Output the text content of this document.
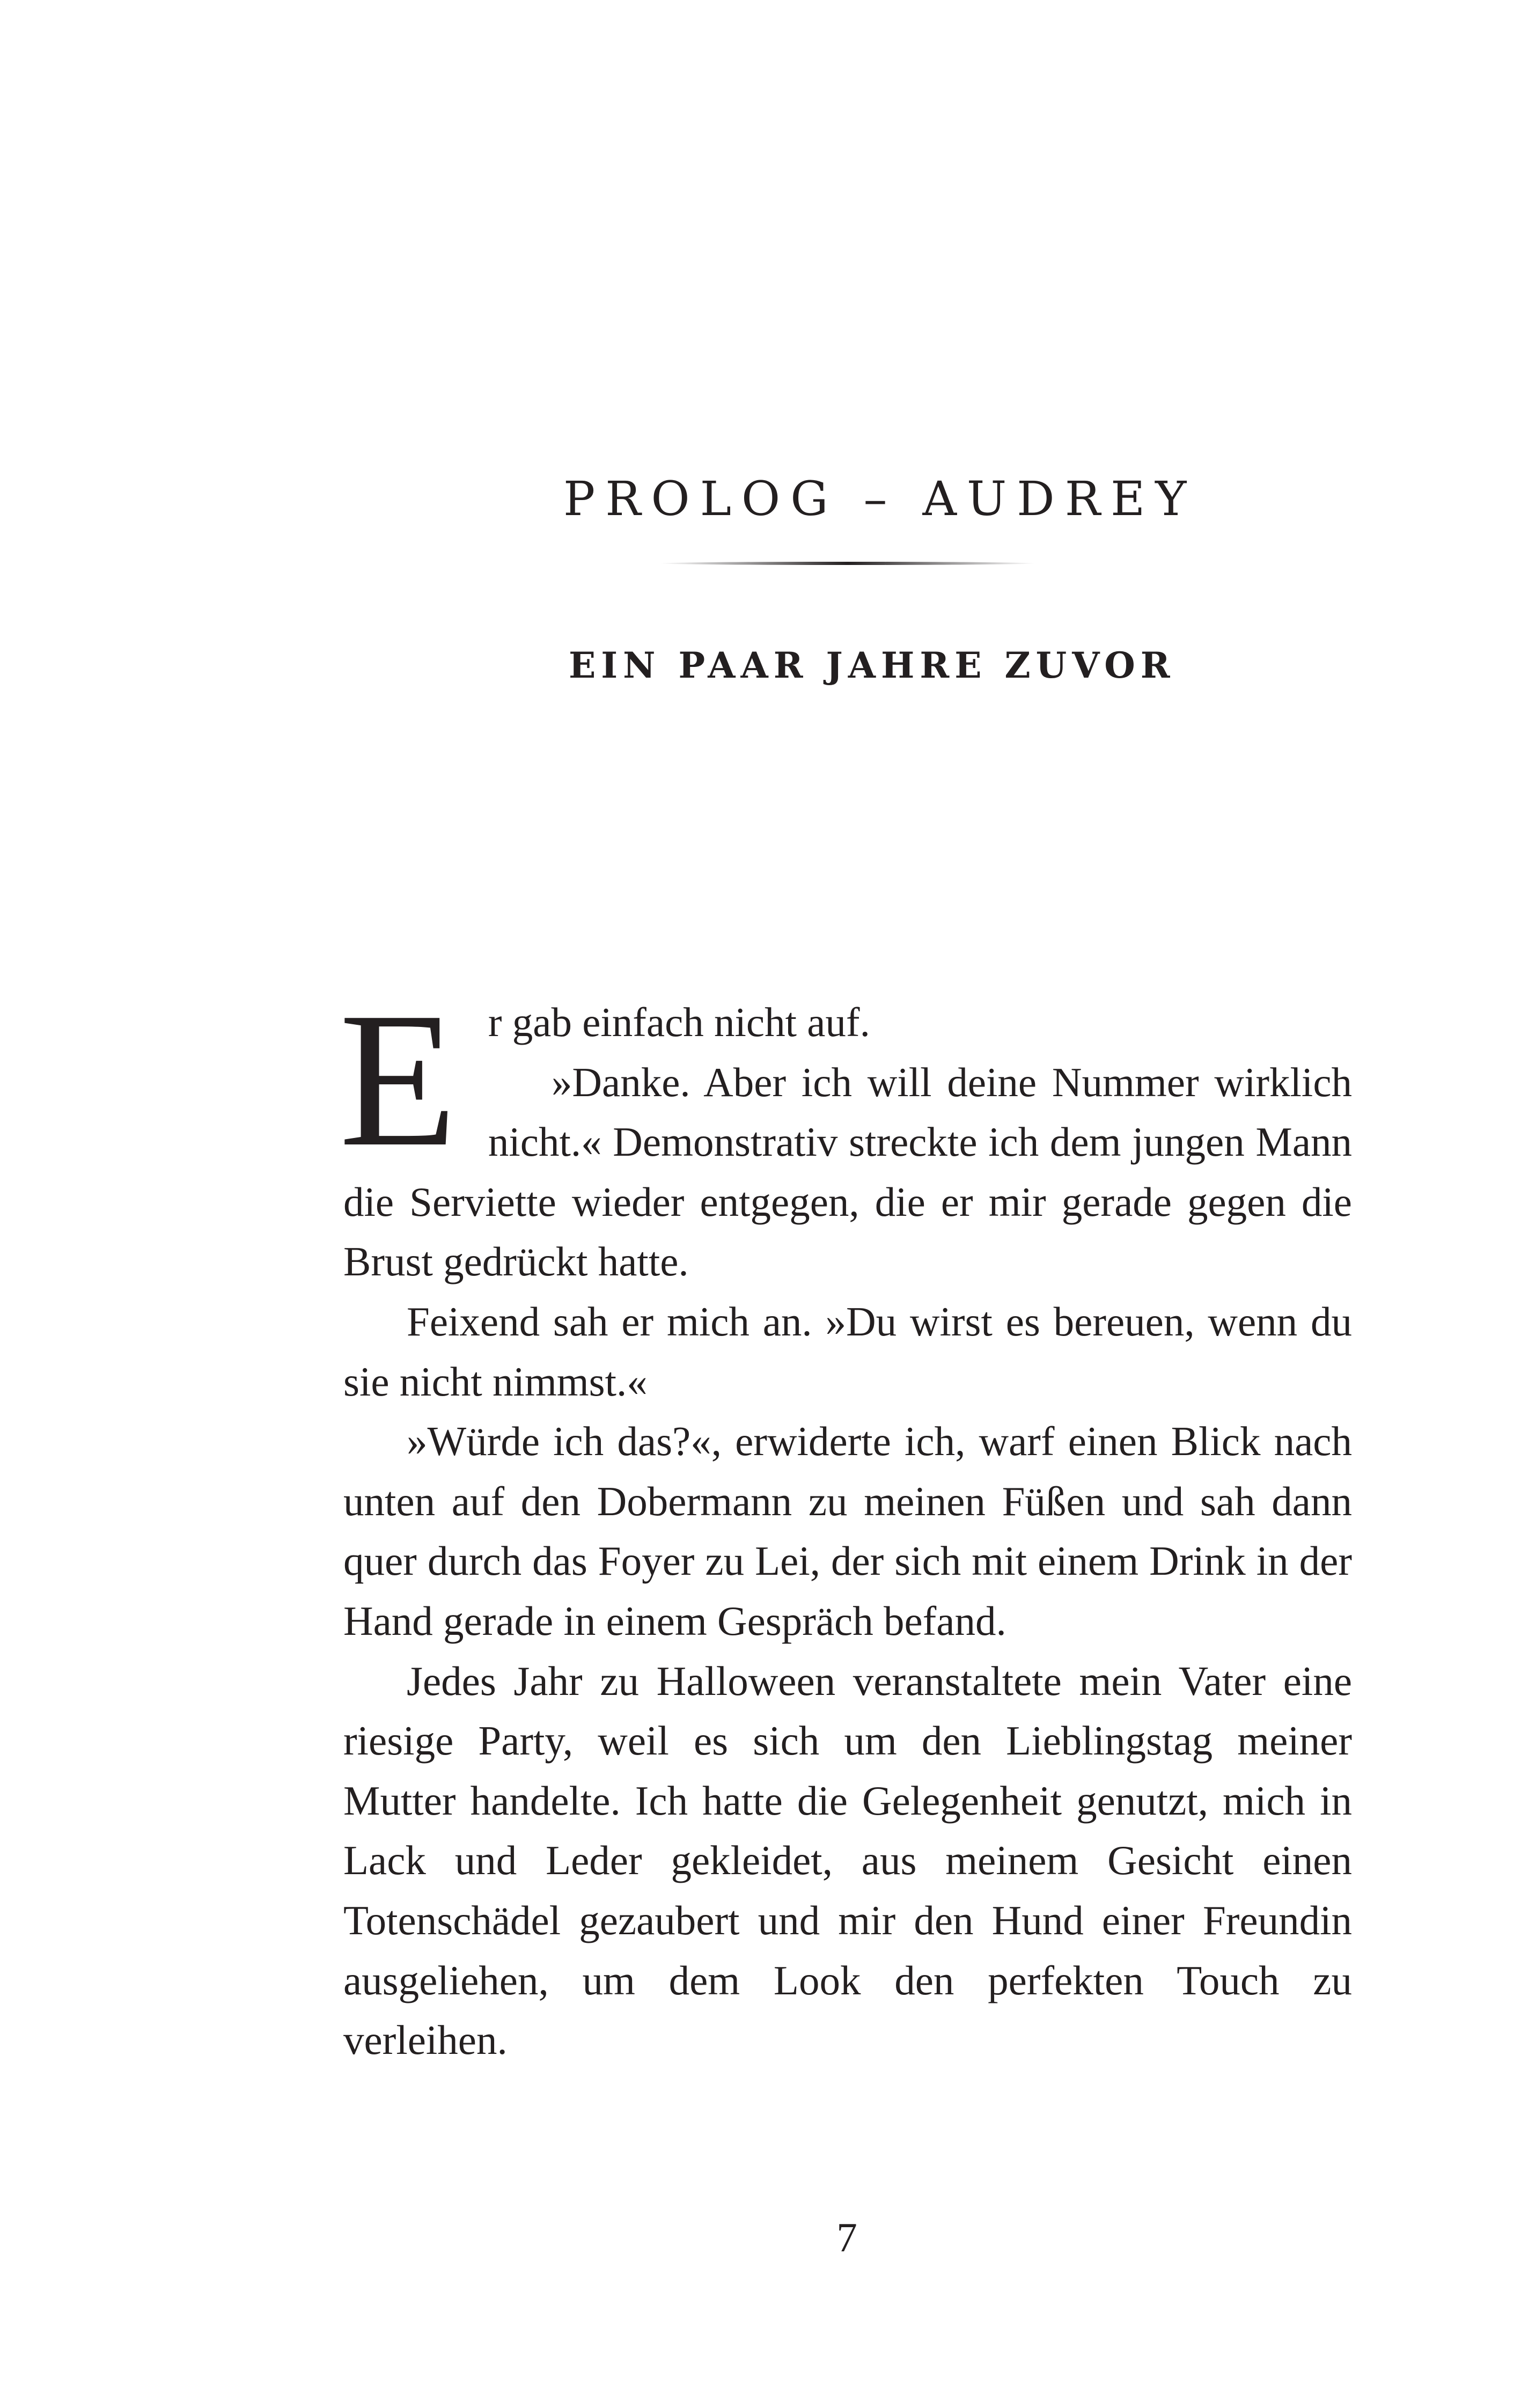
PROLOG – AUDREY
EIN PAAR JAHRE ZUVOR
E r gab einfach nicht auf.

»Danke. Aber ich will deine Nummer wirklich nicht.« Demonstrativ streckte ich dem jungen Mann die Serviette wieder entgegen, die er mir gerade gegen die Brust gedrückt hatte.

Feixend sah er mich an. »Du wirst es bereuen, wenn du sie nicht nimmst.«

»Würde ich das?«, erwiderte ich, warf einen Blick nach unten auf den Dobermann zu meinen Füßen und sah dann quer durch das Foyer zu Lei, der sich mit einem Drink in der Hand gerade in einem Gespräch befand.

Jedes Jahr zu Halloween veranstaltete mein Vater eine riesige Party, weil es sich um den Lieblingstag meiner Mutter handelte. Ich hatte die Gelegenheit genutzt, mich in Lack und Leder gekleidet, aus meinem Gesicht einen Totenschädel gezaubert und mir den Hund einer Freundin ausgeliehen, um dem Look den perfekten Touch zu verleihen.

7
